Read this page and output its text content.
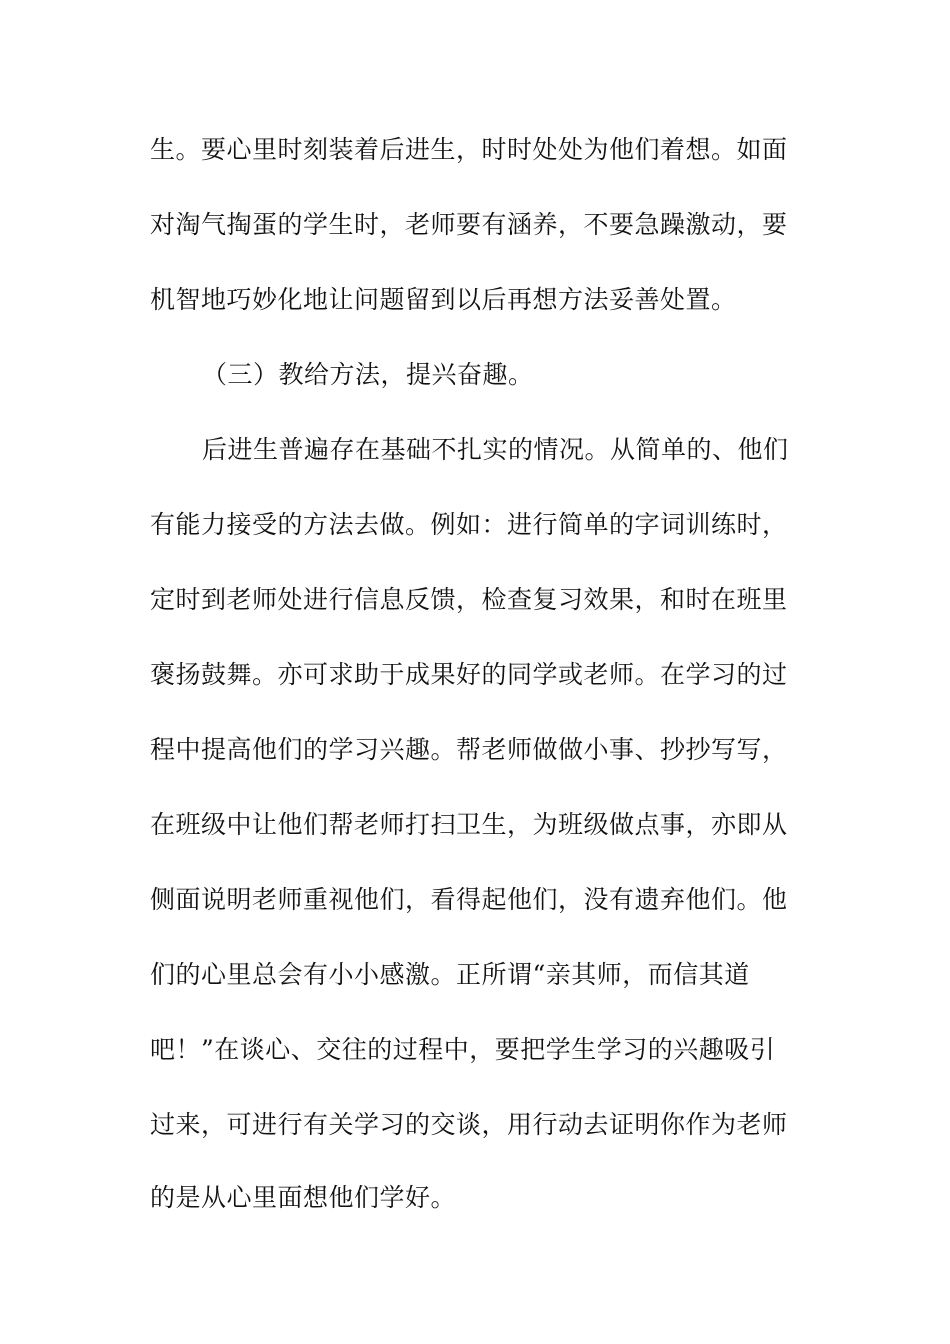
生。要心里时刻装着后进生，时时处处为他们着想。如面
对淘气掏蛋的学生时，老师要有涵养，不要急躁激动，要
机智地巧妙化地让问题留到以后再想方法妥善处置。
（三）教给方法，提兴奋趣。
后进生普遍存在基础不扎实的情况。从简单的、他们
有能力接受的方法去做。例如：进行简单的字词训练时，
定时到老师处进行信息反馈，检查复习效果，和时在班里
褒扬鼓舞。亦可求助于成果好的同学或老师。在学习的过
程中提高他们的学习兴趣。帮老师做做小事、抄抄写写，
在班级中让他们帮老师打扫卫生，为班级做点事，亦即从
侧面说明老师重视他们，看得起他们，没有遗弃他们。他
们的心里总会有小小感激。正所谓“亲其师，而信其道
吧！”在谈心、交往的过程中，要把学生学习的兴趣吸引
过来，可进行有关学习的交谈，用行动去证明你作为老师
的是从心里面想他们学好。
